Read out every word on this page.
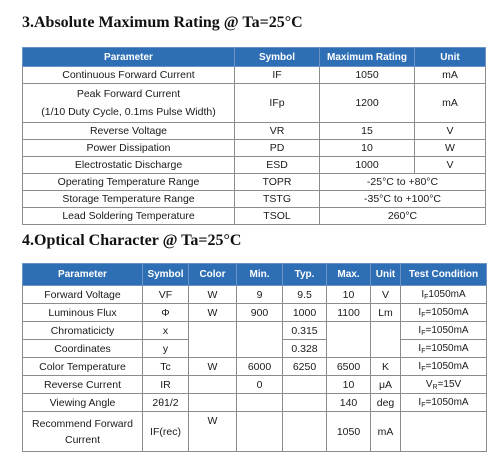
3.Absolute Maximum Rating @ Ta=25°C
Parameter	Symbol	Maximum Rating	Unit
Continuous Forward Current	IF	1050	mA

Peak Forward Current
(1/10 Duty Cycle, 0.1ms Pulse Width)	IFp	1200	mA
Reverse Voltage	VR	15	V
Power Dissipation	PD	10	W
Electrostatic Discharge	ESD	1000	V
Operating Temperature Range	TOPR	-25°C to +80°C	
Storage Temperature Range	TSTG	-35°C to +100°C	
Lead Soldering Temperature	TSOL	260°C	
4.Optical Character @ Ta=25°C
Parameter	Symbol	Color	Min.	Typ.	Max.	Unit	Test Condition
Forward Voltage	VF	W	9	9.5	10	V	$I_F1050mA$
Luminous Flux	Φ	W	900	1000	1100	Lm	$I_F=1050mA$
Chromaticicty	x			0.315			$I_F=1050mA$
Coordinates	y			0.328			$I_F=1050mA$
Color Temperature	Tc	W	6000	6250	6500	K	$I_F=1050mA$
Reverse Current	IR		0		10	μA	$V_R=15V$
Viewing Angle	2θ1/2				140	deg	$I_F=1050mA$

Recommend Forward
Current	IF(rec)	W			1050	mA	
